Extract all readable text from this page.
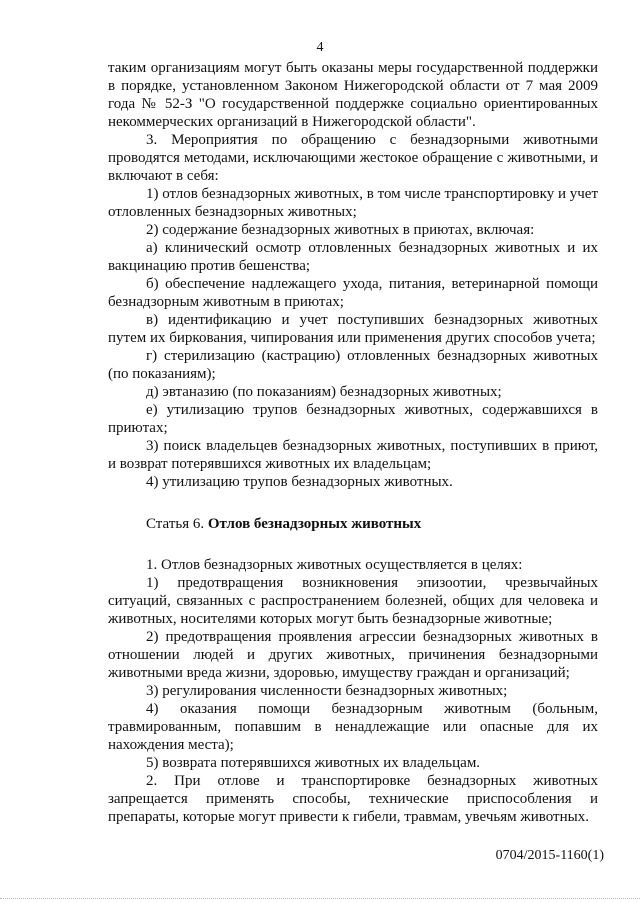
4

таким организациям могут быть оказаны меры государственной поддержки в порядке, установленном Законом Нижегородской области от 7 мая 2009 года № 52-З "О государственной поддержке социально ориентированных некоммерческих организаций в Нижегородской области".

3. Мероприятия по обращению с безнадзорными животными проводятся методами, исключающими жестокое обращение с животными, и включают в себя:

1) отлов безнадзорных животных, в том числе транспортировку и учет отловленных безнадзорных животных;

2) содержание безнадзорных животных в приютах, включая:

а) клинический осмотр отловленных безнадзорных животных и их вакцинацию против бешенства;

б) обеспечение надлежащего ухода, питания, ветеринарной помощи безнадзорным животным в приютах;

в) идентификацию и учет поступивших безнадзорных животных путем их биркования, чипирования или применения других способов учета;

г) стерилизацию (кастрацию) отловленных безнадзорных животных (по показаниям);

д) эвтаназию (по показаниям) безнадзорных животных;

е) утилизацию трупов безнадзорных животных, содержавшихся в приютах;

3) поиск владельцев безнадзорных животных, поступивших в приют, и возврат потерявшихся животных их владельцам;

4) утилизацию трупов безнадзорных животных.

Статья 6. Отлов безнадзорных животных

1. Отлов безнадзорных животных осуществляется в целях:

1) предотвращения возникновения эпизоотии, чрезвычайных ситуаций, связанных с распространением болезней, общих для человека и животных, носителями которых могут быть безнадзорные животные;

2) предотвращения проявления агрессии безнадзорных животных в отношении людей и других животных, причинения безнадзорными животными вреда жизни, здоровью, имуществу граждан и организаций;

3) регулирования численности безнадзорных животных;

4) оказания помощи безнадзорным животным (больным, травмированным, попавшим в ненадлежащие или опасные для их нахождения места);

5) возврата потерявшихся животных их владельцам.

2. При отлове и транспортировке безнадзорных животных запрещается применять способы, технические приспособления и препараты, которые могут привести к гибели, травмам, увечьям животных.

0704/2015-1160(1)
